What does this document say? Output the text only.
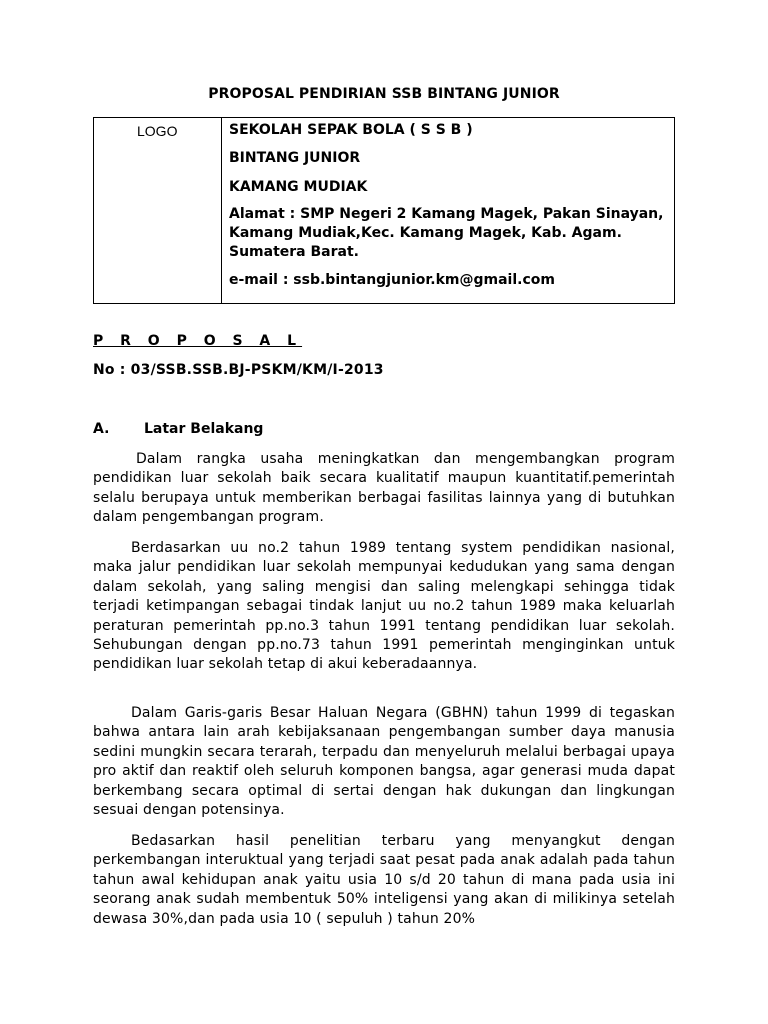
PROPOSAL PENDIRIAN SSB BINTANG JUNIOR
LOGO	SEKOLAH SEPAK BOLA ( S S B )

BINTANG JUNIOR

KAMANG MUDIAK

Alamat : SMP Negeri 2 Kamang Magek, Pakan Sinayan, Kamang Mudiak,Kec. Kamang Magek, Kab. Agam. Sumatera Barat.

e-mail : ssb.bintangjunior.km@gmail.com

P R O P O S A L
No : 03/SSB.SSB.BJ-PSKM/KM/I-2013
A. Latar Belakang

Dalam rangka usaha meningkatkan dan mengembangkan program pendidikan luar sekolah baik secara kualitatif maupun kuantitatif.pemerintah selalu berupaya untuk memberikan berbagai fasilitas lainnya yang di butuhkan dalam pengembangan program.

Berdasarkan uu no.2 tahun 1989 tentang system pendidikan nasional, maka jalur pendidikan luar sekolah mempunyai kedudukan yang sama dengan dalam sekolah, yang saling mengisi dan saling melengkapi sehingga tidak terjadi ketimpangan sebagai tindak lanjut uu no.2 tahun 1989 maka keluarlah peraturan pemerintah pp.no.3 tahun 1991 tentang pendidikan luar sekolah. Sehubungan dengan pp.no.73 tahun 1991 pemerintah menginginkan untuk pendidikan luar sekolah tetap di akui keberadaannya.

Dalam Garis-garis Besar Haluan Negara (GBHN) tahun 1999 di tegaskan bahwa antara lain arah kebijaksanaan pengembangan sumber daya manusia sedini mungkin secara terarah, terpadu dan menyeluruh melalui berbagai upaya pro aktif dan reaktif oleh seluruh komponen bangsa, agar generasi muda dapat berkembang secara optimal di sertai dengan hak dukungan dan lingkungan sesuai dengan potensinya.

Bedasarkan hasil penelitian terbaru yang menyangkut dengan perkembangan interuktual yang terjadi saat pesat pada anak adalah pada tahun tahun awal kehidupan anak yaitu usia 10 s/d 20 tahun di mana pada usia ini seorang anak sudah membentuk 50% inteligensi yang akan di milikinya setelah dewasa 30%,dan pada usia 10 ( sepuluh ) tahun 20%
